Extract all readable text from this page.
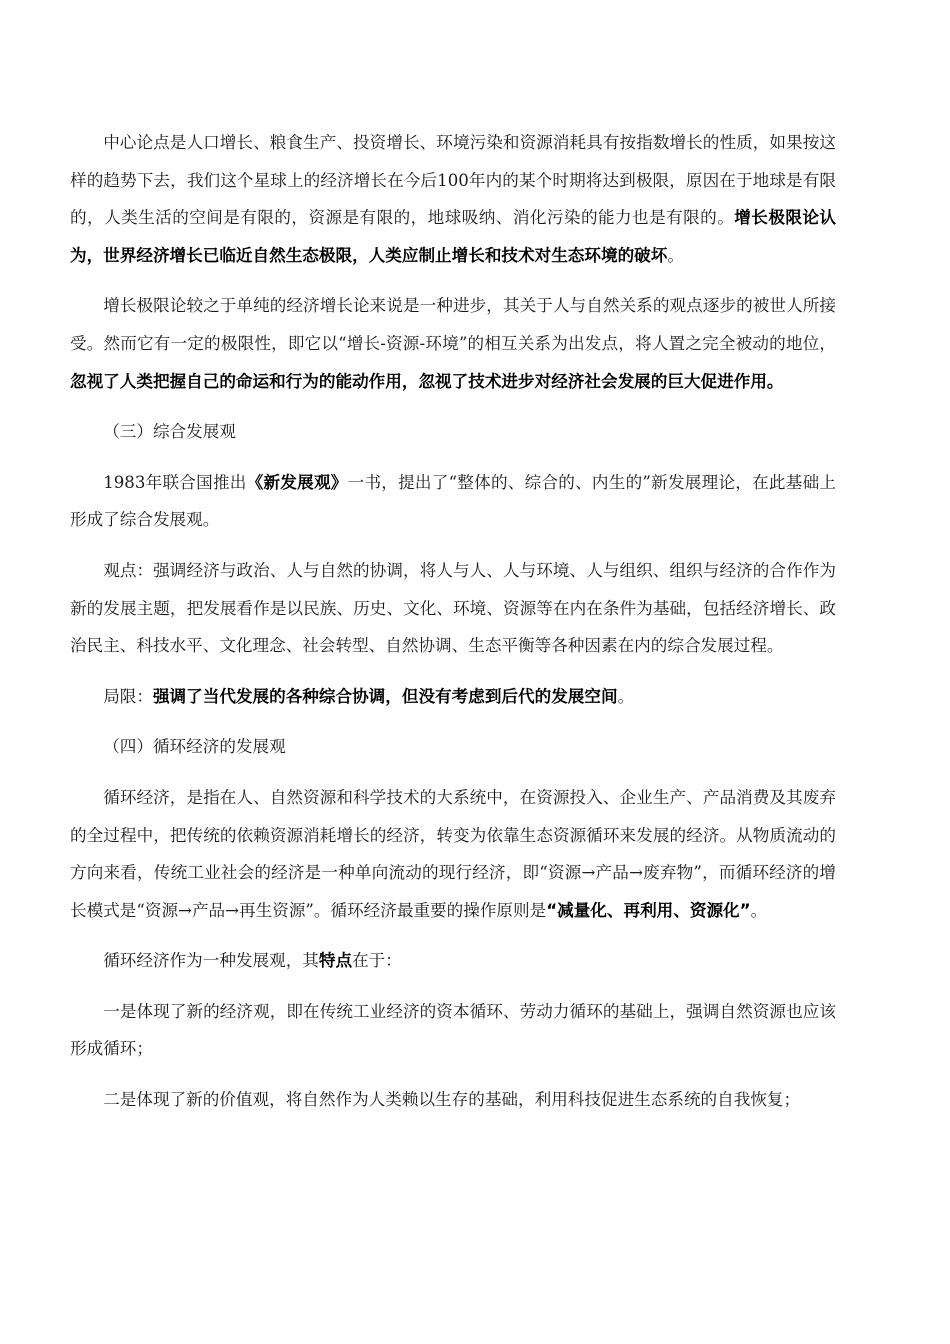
中心论点是人口增长、粮食生产、投资增长、环境污染和资源消耗具有按指数增长的性质，如果按这样的趋势下去，我们这个星球上的经济增长在今后100年内的某个时期将达到极限，原因在于地球是有限的，人类生活的空间是有限的，资源是有限的，地球吸纳、消化污染的能力也是有限的。增长极限论认为，世界经济增长已临近自然生态极限，人类应制止增长和技术对生态环境的破坏。

增长极限论较之于单纯的经济增长论来说是一种进步，其关于人与自然关系的观点逐步的被世人所接受。然而它有一定的极限性，即它以“增长-资源-环境”的相互关系为出发点，将人置之完全被动的地位，忽视了人类把握自己的命运和行为的能动作用，忽视了技术进步对经济社会发展的巨大促进作用。

（三）综合发展观

1983年联合国推出《新发展观》一书，提出了“整体的、综合的、内生的”新发展理论，在此基础上形成了综合发展观。

观点：强调经济与政治、人与自然的协调，将人与人、人与环境、人与组织、组织与经济的合作作为新的发展主题，把发展看作是以民族、历史、文化、环境、资源等在内在条件为基础，包括经济增长、政治民主、科技水平、文化理念、社会转型、自然协调、生态平衡等各种因素在内的综合发展过程。

局限：强调了当代发展的各种综合协调，但没有考虑到后代的发展空间。

（四）循环经济的发展观

循环经济，是指在人、自然资源和科学技术的大系统中，在资源投入、企业生产、产品消费及其废弃的全过程中，把传统的依赖资源消耗增长的经济，转变为依靠生态资源循环来发展的经济。从物质流动的方向来看，传统工业社会的经济是一种单向流动的现行经济，即“资源→产品→废弃物”，而循环经济的增长模式是“资源→产品→再生资源”。循环经济最重要的操作原则是“减量化、再利用、资源化”。

循环经济作为一种发展观，其特点在于：

一是体现了新的经济观，即在传统工业经济的资本循环、劳动力循环的基础上，强调自然资源也应该形成循环；

二是体现了新的价值观，将自然作为人类赖以生存的基础，利用科技促进生态系统的自我恢复；
